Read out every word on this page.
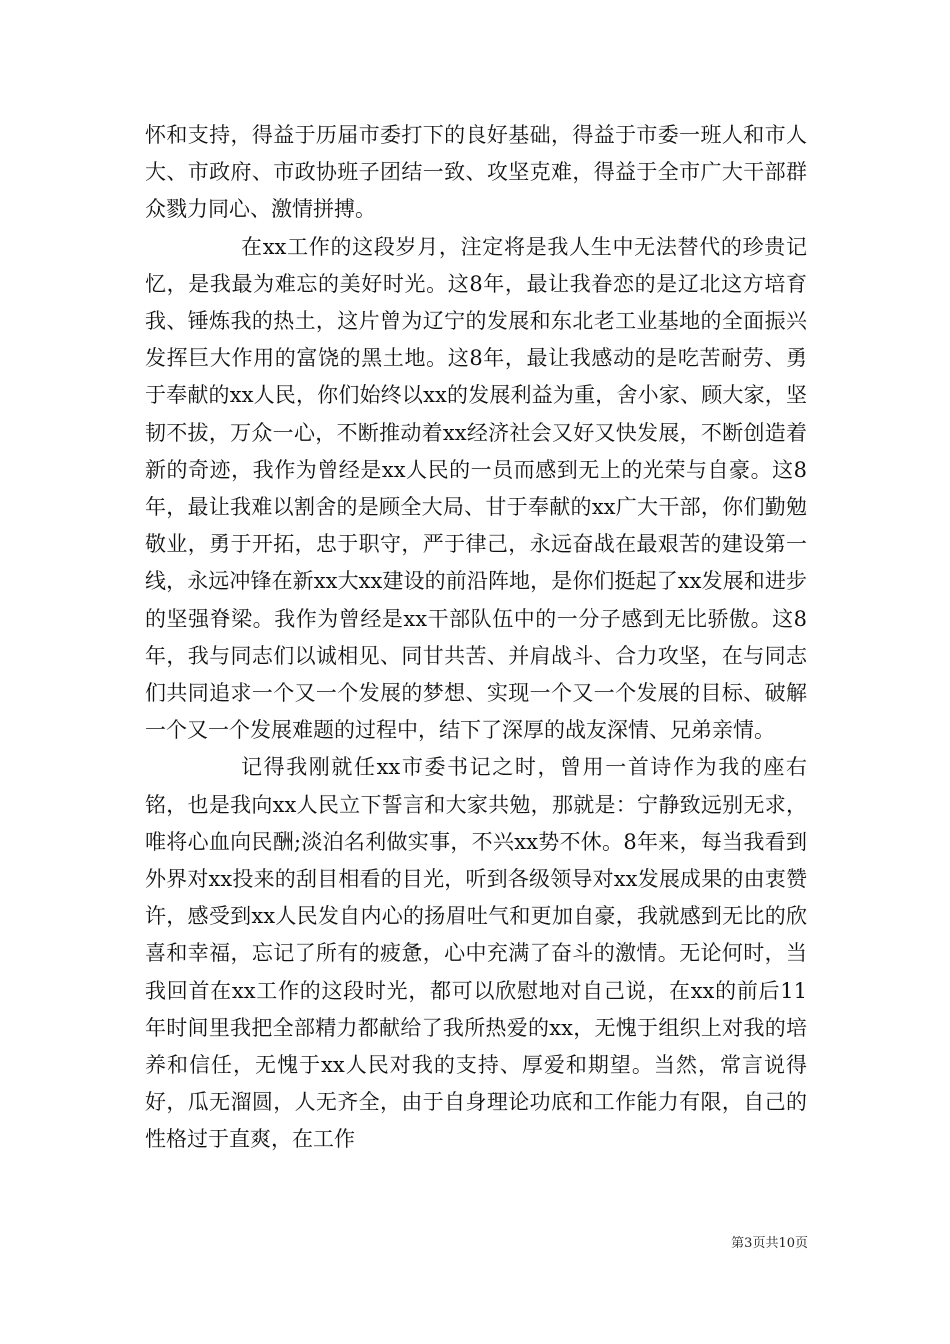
怀和支持，得益于历届市委打下的良好基础，得益于市委一班人和市人大、市政府、市政协班子团结一致、攻坚克难，得益于全市广大干部群众戮力同心、激情拼搏。

在xx工作的这段岁月，注定将是我人生中无法替代的珍贵记忆，是我最为难忘的美好时光。这8年，最让我眷恋的是辽北这方培育我、锤炼我的热土，这片曾为辽宁的发展和东北老工业基地的全面振兴发挥巨大作用的富饶的黑土地。这8年，最让我感动的是吃苦耐劳、勇于奉献的xx人民，你们始终以xx的发展利益为重，舍小家、顾大家，坚韧不拔，万众一心，不断推动着xx经济社会又好又快发展，不断创造着新的奇迹，我作为曾经是xx人民的一员而感到无上的光荣与自豪。这8年，最让我难以割舍的是顾全大局、甘于奉献的xx广大干部，你们勤勉敬业，勇于开拓，忠于职守，严于律己，永远奋战在最艰苦的建设第一线，永远冲锋在新xx大xx建设的前沿阵地，是你们挺起了xx发展和进步的坚强脊梁。我作为曾经是xx干部队伍中的一分子感到无比骄傲。这8年，我与同志们以诚相见、同甘共苦、并肩战斗、合力攻坚，在与同志们共同追求一个又一个发展的梦想、实现一个又一个发展的目标、破解一个又一个发展难题的过程中，结下了深厚的战友深情、兄弟亲情。

记得我刚就任xx市委书记之时，曾用一首诗作为我的座右铭，也是我向xx人民立下誓言和大家共勉，那就是：宁静致远别无求，唯将心血向民酬;淡泊名利做实事，不兴xx势不休。8年来，每当我看到外界对xx投来的刮目相看的目光，听到各级领导对xx发展成果的由衷赞许，感受到xx人民发自内心的扬眉吐气和更加自豪，我就感到无比的欣喜和幸福，忘记了所有的疲惫，心中充满了奋斗的激情。无论何时，当我回首在xx工作的这段时光，都可以欣慰地对自己说，在xx的前后11年时间里我把全部精力都献给了我所热爱的xx，无愧于组织上对我的培养和信任，无愧于xx人民对我的支持、厚爱和期望。当然，常言说得好，瓜无溜圆，人无齐全，由于自身理论功底和工作能力有限，自己的性格过于直爽，在工作

第3页共10页
